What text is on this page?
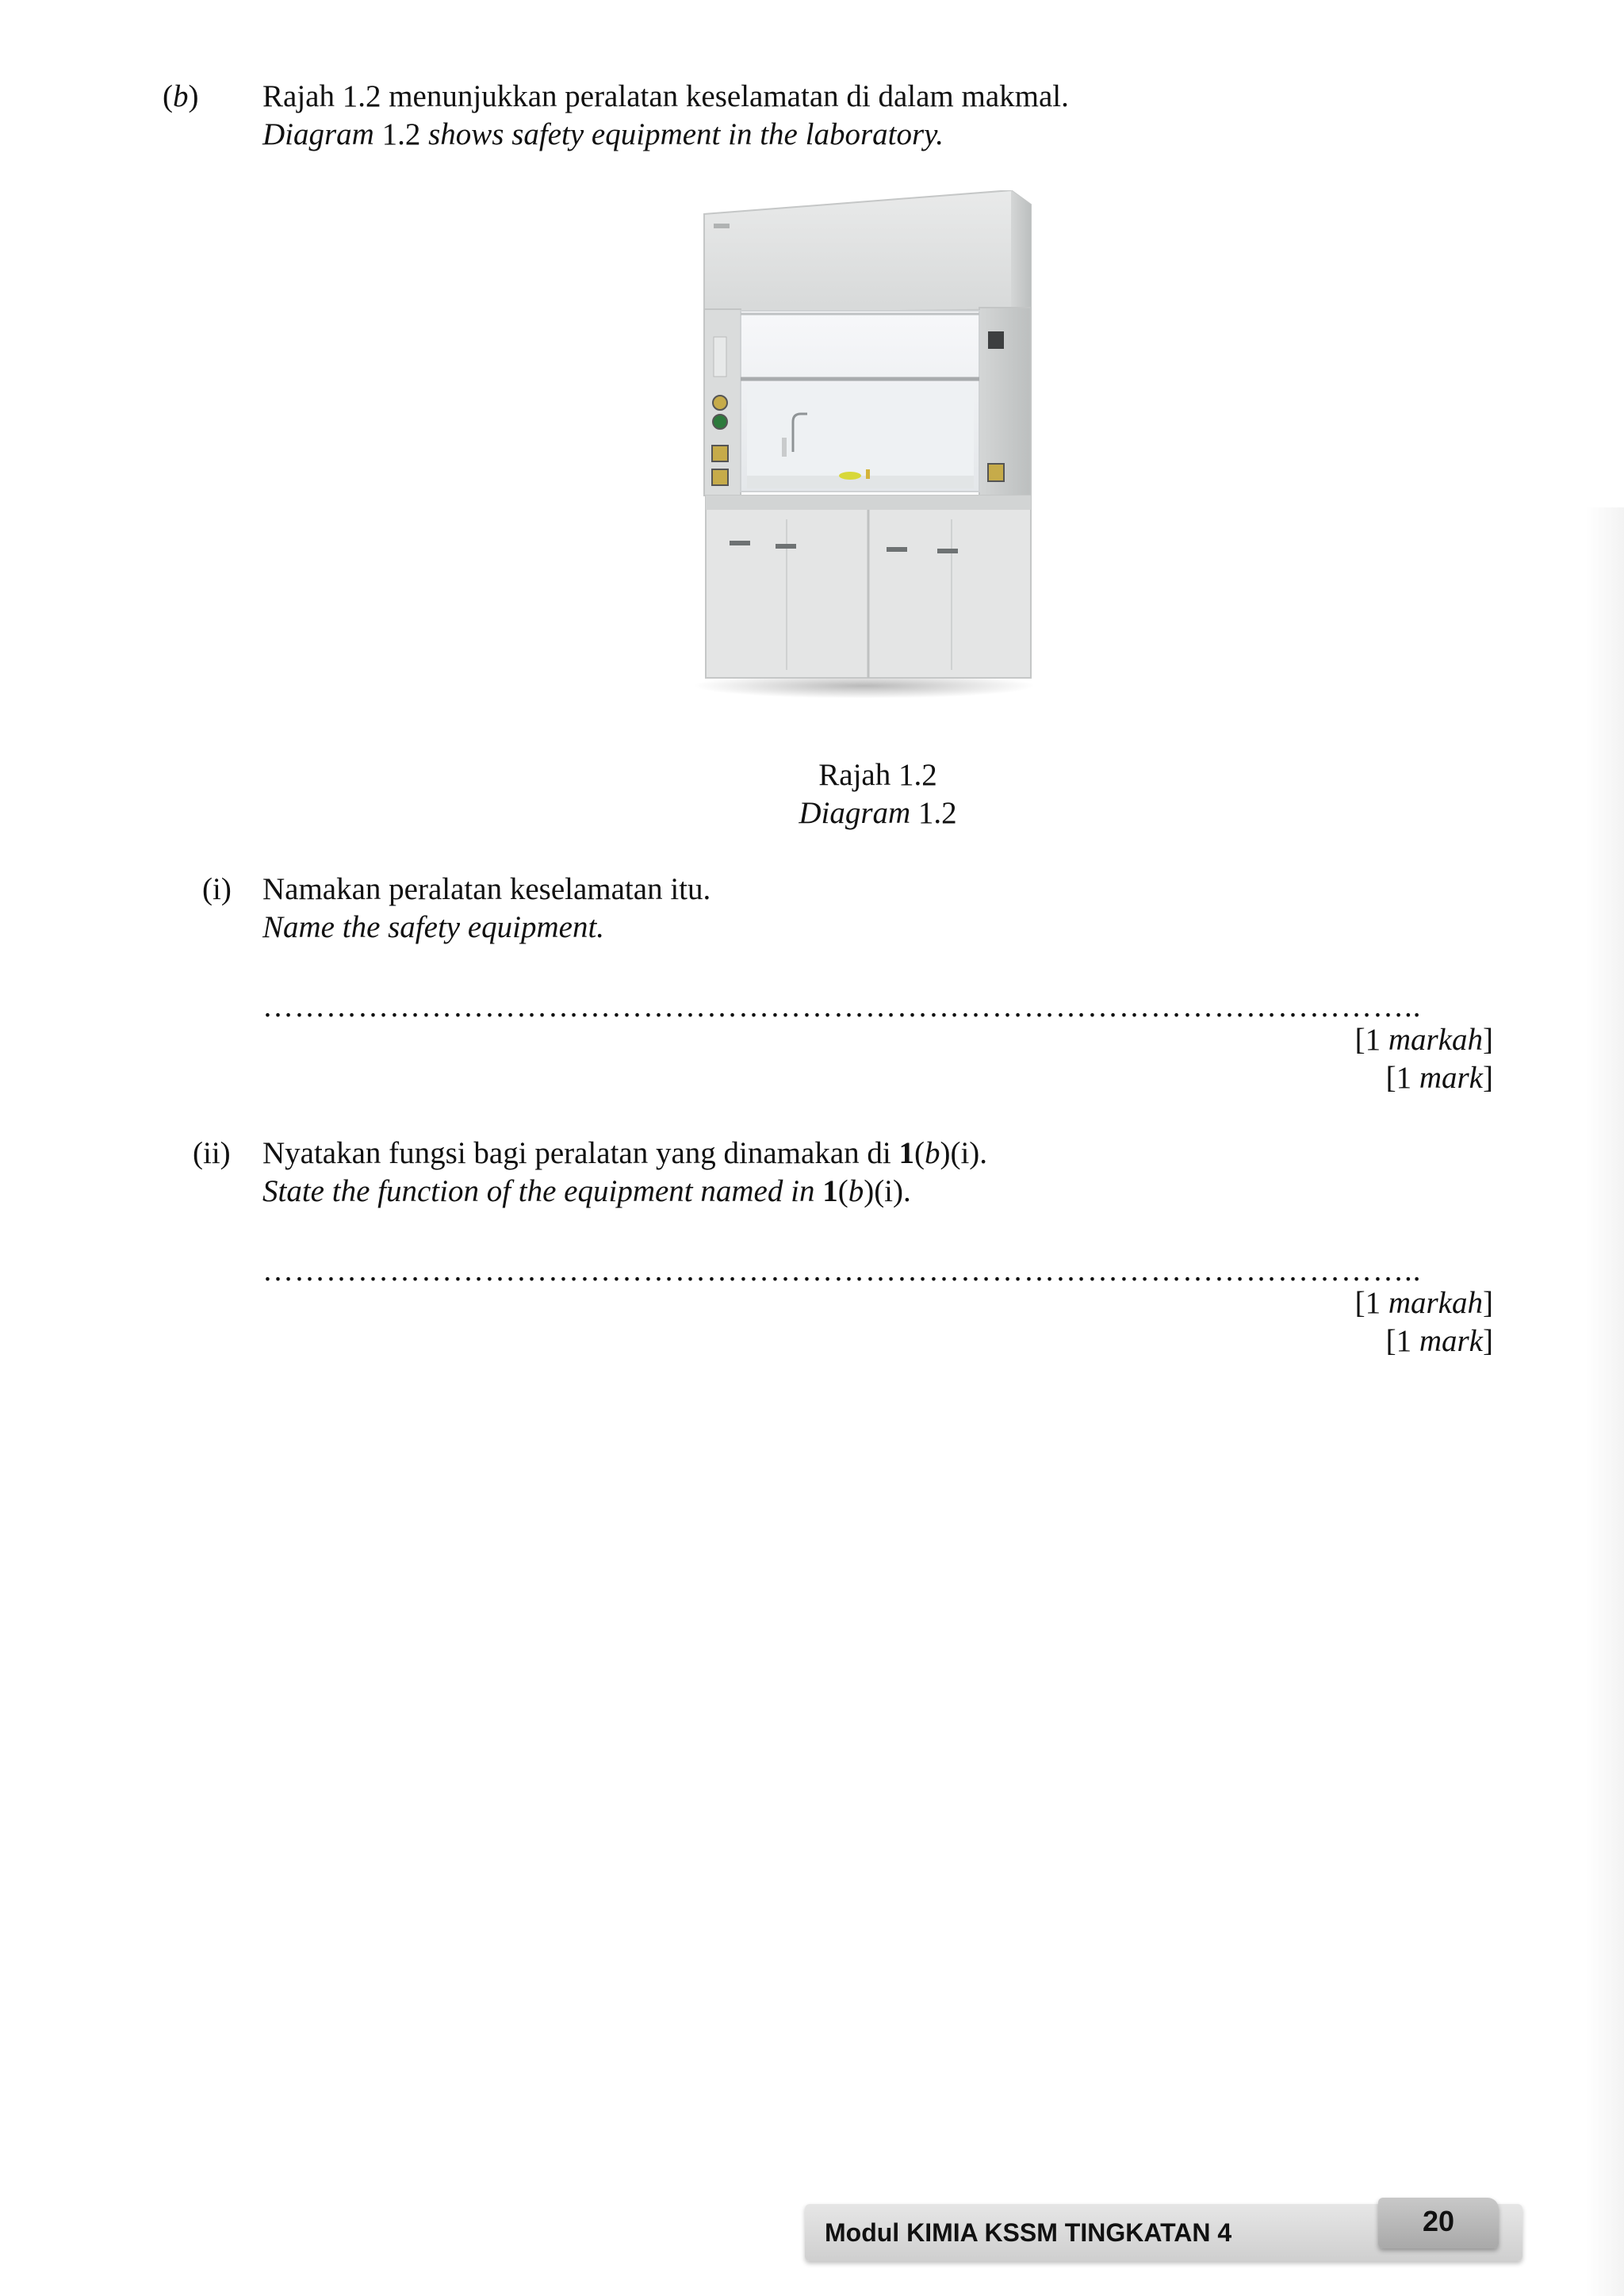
(b) Rajah 1.2 menunjukkan peralatan keselamatan di dalam makmal.
Diagram 1.2 shows safety equipment in the laboratory.
Rajah 1.2
Diagram 1.2
(i) Namakan peralatan keselamatan itu.
Name the safety equipment.
………………………………………………………………………………………………..
[1 markah]
[1 mark]
(ii) Nyatakan fungsi bagi peralatan yang dinamakan di 1(b)(i).
State the function of the equipment named in 1(b)(i).
………………………………………………………………………………………………..
[1 markah]
[1 mark]
Modul KIMIA KSSM TINGKATAN 4	20
